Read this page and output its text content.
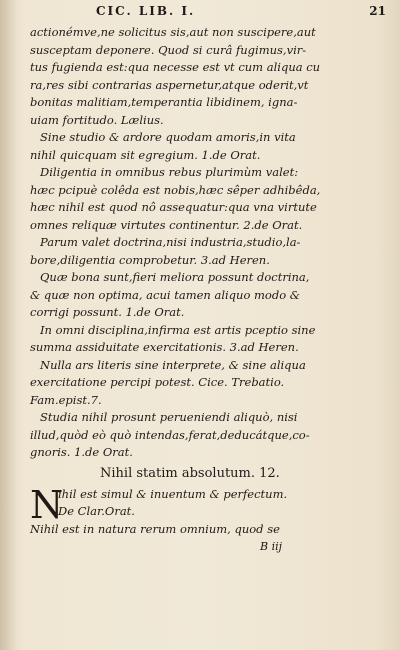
CIC. LIB. I.	21
actionémve,ne solicitus sis,aut non suscipere,aut
susceptam deponere. Quod si curâ fugimus,vir-
tus fugienda est:qua necesse est vt cum aliqua cu
ra,res sibi contrarias aspernetur,atque oderit,vt
bonitas malitiam,temperantia libidinem, igna-
uiam fortitudo. Lælius.
Sine studio & ardore quodam amoris,in vita
nihil quicquam sit egregium. 1.de Orat.
Diligentia in omnibus rebus plurimùm valet:
hæc pcipuè colêda est nobis,hæc sêper adhibêda,
hæc nihil est quod nô assequatur:qua vna virtute
omnes reliquæ virtutes continentur. 2.de Orat.
Parum valet doctrina,nisi industria,studio,la-
bore,diligentia comprobetur. 3.ad Heren.
Quæ bona sunt,fieri meliora possunt doctrina,
& quæ non optima, acui tamen aliquo modo &
corrigi possunt. 1.de Orat.
In omni disciplina,infirma est artis pceptio sine
summa assiduitate exercitationis. 3.ad Heren.
Nulla ars literis sine interprete, & sine aliqua
exercitatione percipi potest. Cice. Trebatio.
Fam.epist.7.
Studia nihil prosunt perueniendi aliquò, nisi
illud,quòd eò quò intendas,ferat,deducátque,co-
gnoris. 1.de Orat.
Nihil statim absolutum. 12.
N
ihil est simul & inuentum & perfectum.
De Clar.Orat.
Nihil est in natura rerum omnium, quod se
B iij
